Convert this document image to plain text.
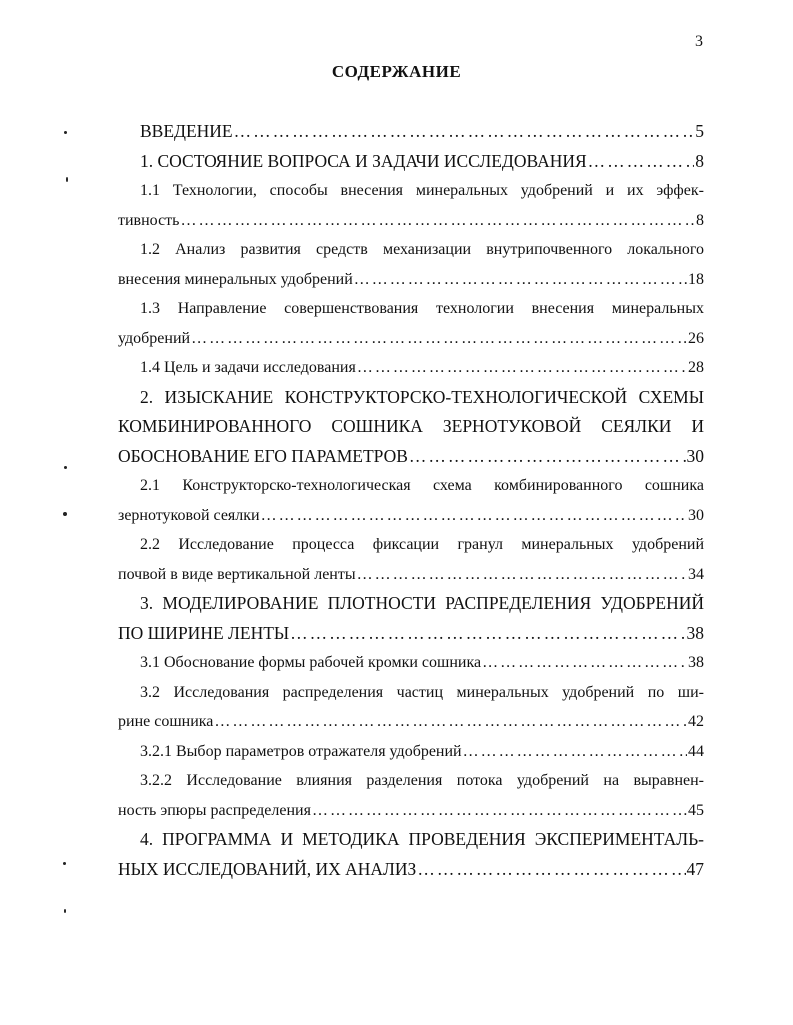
3
СОДЕРЖАНИЕ
ВВЕДЕНИЕ ………………………………………………………………………………………………………………………………………………………………	5
1. СОСТОЯНИЕ ВОПРОСА И ЗАДАЧИ ИССЛЕДОВАНИЯ ………………………………………………………………………………………………………………………………………………………………	8
1.1 Технологии, способы внесения минеральных удобрений и их эффек-
тивность ………………………………………………………………………………………………………………………………………………………………	8
1.2 Анализ развития средств механизации внутрипочвенного локального
внесения минеральных удобрений ………………………………………………………………………………………………………………………………………………………………	18
1.3 Направление совершенствования технологии внесения минеральных
удобрений ………………………………………………………………………………………………………………………………………………………………	26
1.4 Цель и задачи исследования ………………………………………………………………………………………………………………………………………………………………	28
2. ИЗЫСКАНИЕ КОНСТРУКТОРСКО-ТЕХНОЛОГИЧЕСКОЙ СХЕМЫ
КОМБИНИРОВАННОГО СОШНИКА ЗЕРНОТУКОВОЙ СЕЯЛКИ И
ОБОСНОВАНИЕ ЕГО ПАРАМЕТРОВ ………………………………………………………………………………………………………………………………………………………………	30
2.1 Конструкторско-технологическая схема комбинированного сошника
зернотуковой сеялки ………………………………………………………………………………………………………………………………………………………………	30
2.2 Исследование процесса фиксации гранул минеральных удобрений
почвой в виде вертикальной ленты ………………………………………………………………………………………………………………………………………………………………	34
3. МОДЕЛИРОВАНИЕ ПЛОТНОСТИ РАСПРЕДЕЛЕНИЯ УДОБРЕНИЙ
ПО ШИРИНЕ ЛЕНТЫ ………………………………………………………………………………………………………………………………………………………………	38
3.1 Обоснование формы рабочей кромки сошника ………………………………………………………………………………………………………………………………………………………………	38
3.2 Исследования распределения частиц минеральных удобрений по ши-
рине сошника ………………………………………………………………………………………………………………………………………………………………	42
3.2.1 Выбор параметров отражателя удобрений ………………………………………………………………………………………………………………………………………………………………	44
3.2.2 Исследование влияния разделения потока удобрений на выравнен-
ность эпюры распределения ………………………………………………………………………………………………………………………………………………………………	45
4. ПРОГРАММА И МЕТОДИКА ПРОВЕДЕНИЯ ЭКСПЕРИМЕНТАЛЬ-
НЫХ ИССЛЕДОВАНИЙ, ИХ АНАЛИЗ ………………………………………………………………………………………………………………………………………………………………	47
